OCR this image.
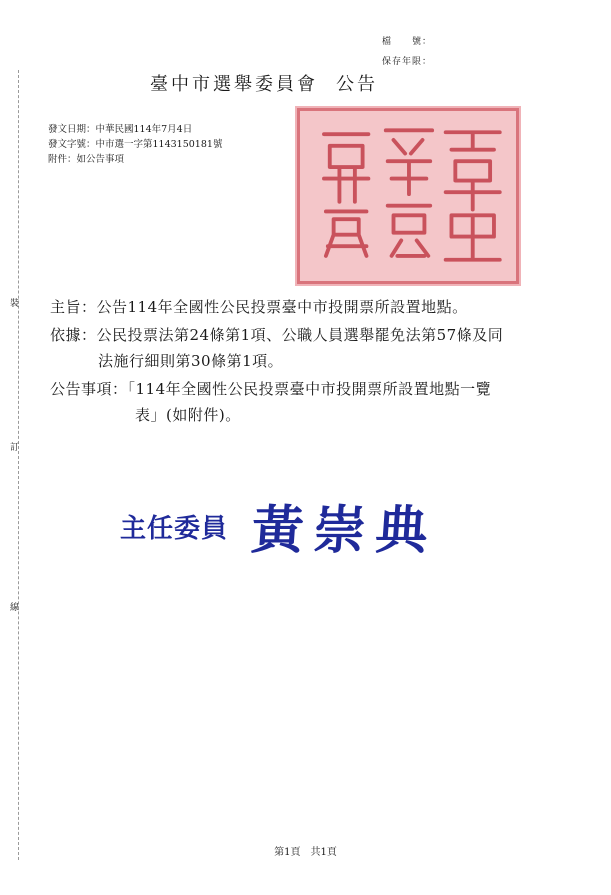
裝
訂
線
檔　　號：
保存年限：
臺中市選舉委員會 公告
發文日期：中華民國114年7月4日
發文字號：中市選一字第1143150181號
附件：如公告事項
主旨：公告114年全國性公民投票臺中市投開票所設置地點。
依據：公民投票法第24條第1項、公職人員選舉罷免法第57條及同
法施行細則第30條第1項。
公告事項：「114年全國性公民投票臺中市投開票所設置地點一覽
表」(如附件)。
主任委員 黃崇典
第1頁　共1頁
